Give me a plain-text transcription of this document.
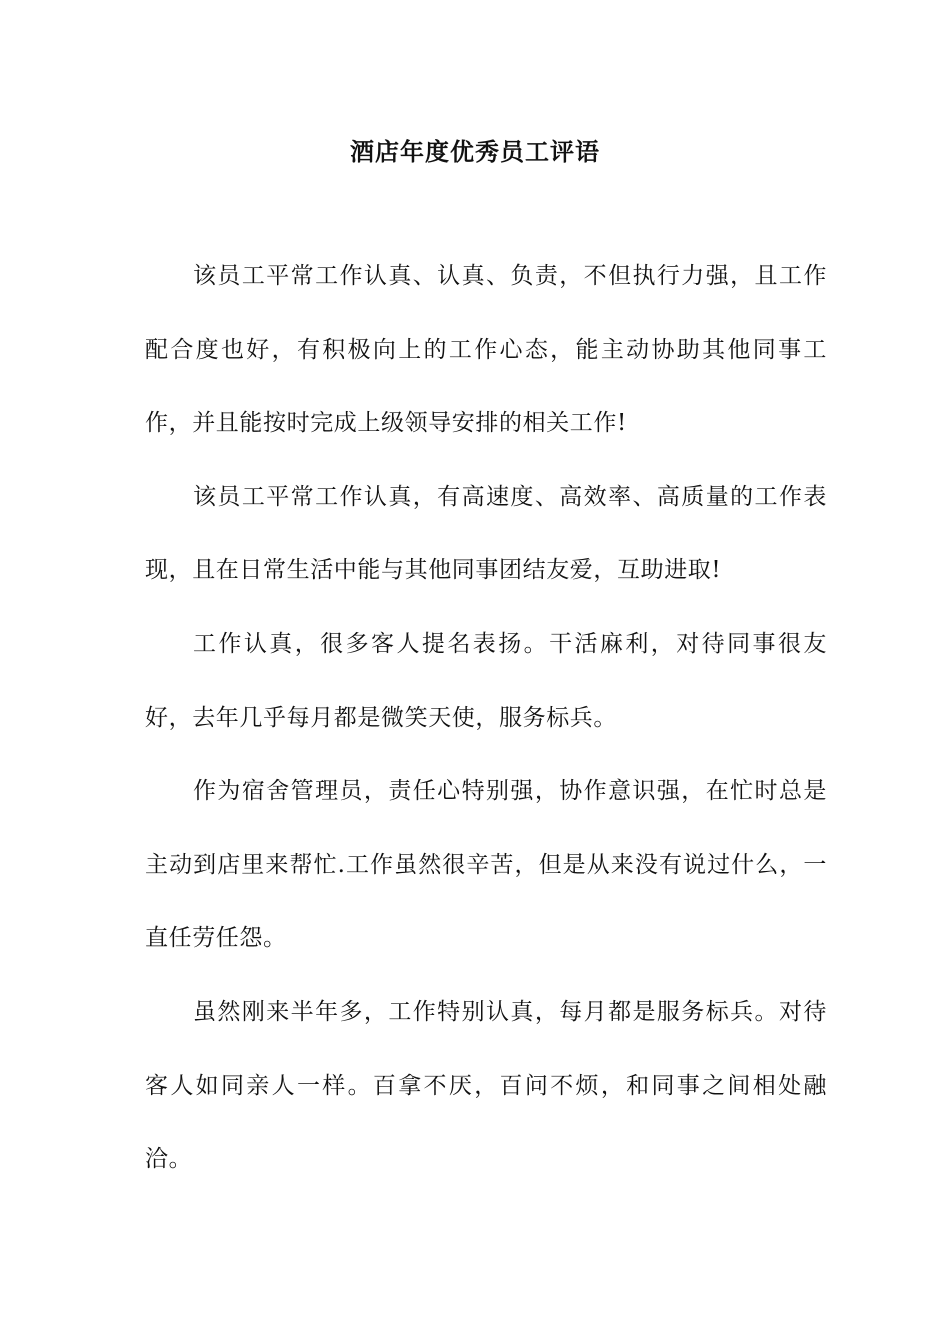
酒店年度优秀员工评语

该员工平常工作认真、认真、负责，不但执行力强，且工作配合度也好，有积极向上的工作心态，能主动协助其他同事工作，并且能按时完成上级领导安排的相关工作!

该员工平常工作认真，有高速度、高效率、高质量的工作表现，且在日常生活中能与其他同事团结友爱，互助进取!

工作认真，很多客人提名表扬。干活麻利，对待同事很友好，去年几乎每月都是微笑天使，服务标兵。

作为宿舍管理员，责任心特别强，协作意识强，在忙时总是主动到店里来帮忙.工作虽然很辛苦，但是从来没有说过什么，一直任劳任怨。

虽然刚来半年多，工作特别认真，每月都是服务标兵。对待客人如同亲人一样。百拿不厌，百问不烦，和同事之间相处融洽。
